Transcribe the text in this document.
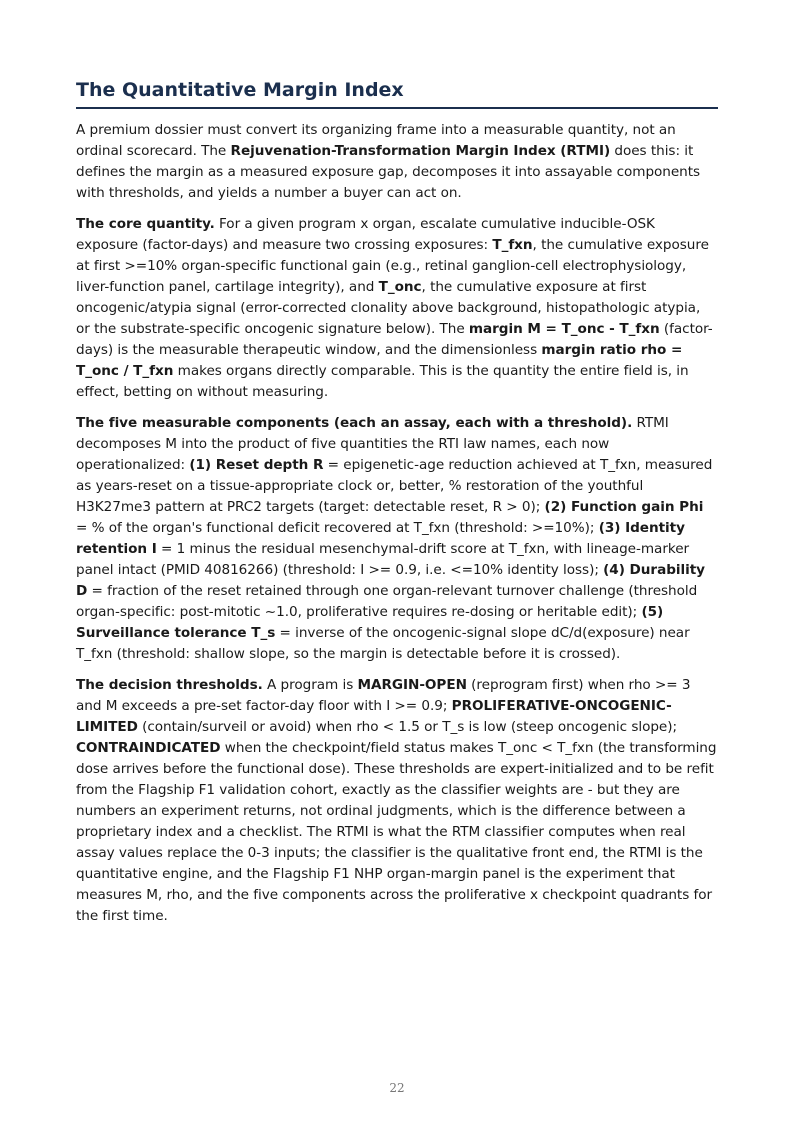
The Quantitative Margin Index

A premium dossier must convert its organizing frame into a measurable quantity, not an ordinal scorecard. The Rejuvenation-Transformation Margin Index (RTMI) does this: it defines the margin as a measured exposure gap, decomposes it into assayable components with thresholds, and yields a number a buyer can act on.

The core quantity. For a given program x organ, escalate cumulative inducible-OSK exposure (factor-days) and measure two crossing exposures: T_fxn, the cumulative exposure at first >=10% organ-specific functional gain (e.g., retinal ganglion-cell electrophysiology, liver-function panel, cartilage integrity), and T_onc, the cumulative exposure at first oncogenic/atypia signal (error-corrected clonality above background, histopathologic atypia, or the substrate-specific oncogenic signature below). The margin M = T_onc - T_fxn (factor-days) is the measurable therapeutic window, and the dimensionless margin ratio rho = T_onc / T_fxn makes organs directly comparable. This is the quantity the entire field is, in effect, betting on without measuring.

The five measurable components (each an assay, each with a threshold). RTMI decomposes M into the product of five quantities the RTI law names, each now operationalized: (1) Reset depth R = epigenetic-age reduction achieved at T_fxn, measured as years-reset on a tissue-appropriate clock or, better, % restoration of the youthful H3K27me3 pattern at PRC2 targets (target: detectable reset, R > 0); (2) Function gain Phi = % of the organ's functional deficit recovered at T_fxn (threshold: >=10%); (3) Identity retention I = 1 minus the residual mesenchymal-drift score at T_fxn, with lineage-marker panel intact (PMID 40816266) (threshold: I >= 0.9, i.e. <=10% identity loss); (4) Durability D = fraction of the reset retained through one organ-relevant turnover challenge (threshold organ-specific: post-mitotic ~1.0, proliferative requires re-dosing or heritable edit); (5) Surveillance tolerance T_s = inverse of the oncogenic-signal slope dC/d(exposure) near T_fxn (threshold: shallow slope, so the margin is detectable before it is crossed).

The decision thresholds. A program is MARGIN-OPEN (reprogram first) when rho >= 3 and M exceeds a pre-set factor-day floor with I >= 0.9; PROLIFERATIVE-ONCOGENIC-LIMITED (contain/surveil or avoid) when rho < 1.5 or T_s is low (steep oncogenic slope); CONTRAINDICATED when the checkpoint/field status makes T_onc < T_fxn (the transforming dose arrives before the functional dose). These thresholds are expert-initialized and to be refit from the Flagship F1 validation cohort, exactly as the classifier weights are - but they are numbers an experiment returns, not ordinal judgments, which is the difference between a proprietary index and a checklist. The RTMI is what the RTM classifier computes when real assay values replace the 0-3 inputs; the classifier is the qualitative front end, the RTMI is the quantitative engine, and the Flagship F1 NHP organ-margin panel is the experiment that measures M, rho, and the five components across the proliferative x checkpoint quadrants for the first time.

22
